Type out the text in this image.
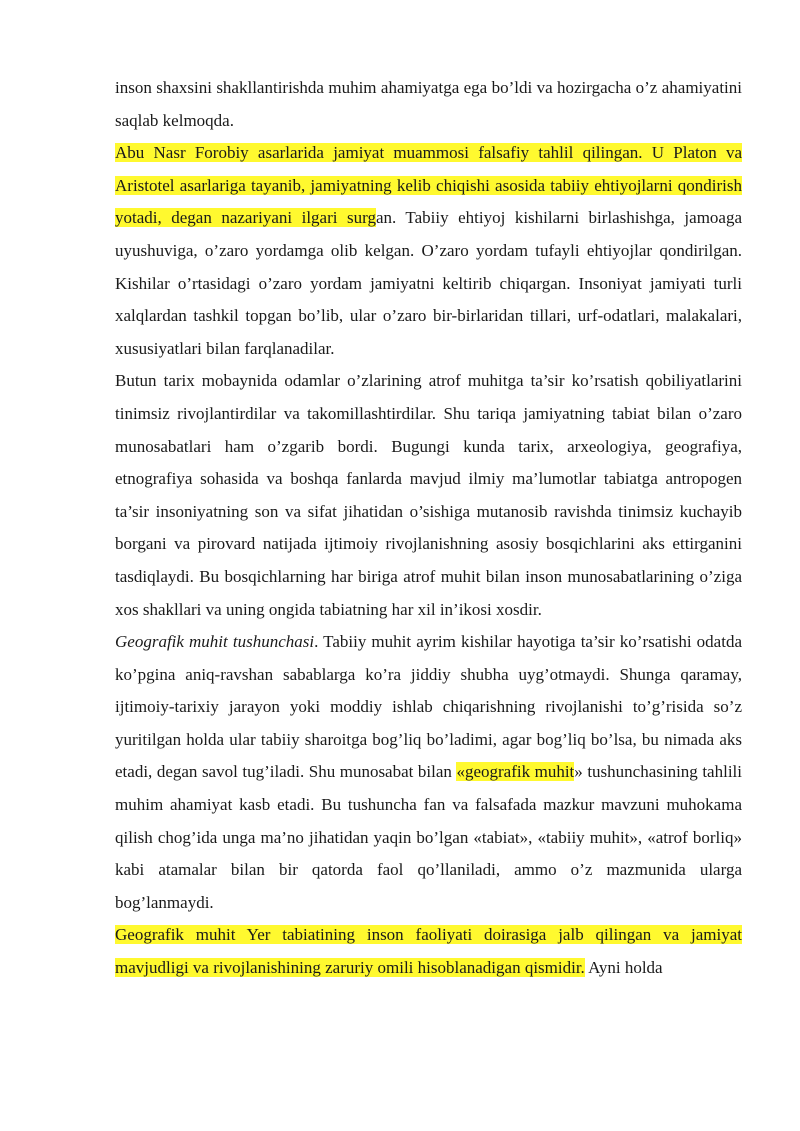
inson shaxsini shakllantirishda muhim ahamiyatga ega bo’ldi va hozirgacha o’z ahamiyatini saqlab kelmoqda.

Abu Nasr Forobiy asarlarida jamiyat muammosi falsafiy tahlil qilingan. U Platon va Aristotel asarlariga tayanib, jamiyatning kelib chiqishi asosida tabiiy ehtiyojlarni qondirish yotadi, degan nazariyani ilgari surgan. Tabiiy ehtiyoj kishilarni birlashishga, jamoaga uyushuviga, o’zaro yordamga olib kelgan. O’zaro yordam tufayli ehtiyojlar qondirilgan. Kishilar o’rtasidagi o’zaro yordam jamiyatni keltirib chiqargan. Insoniyat jamiyati turli xalqlardan tashkil topgan bo’lib, ular o’zaro bir-birlaridan tillari, urf-odatlari, malakalari, xususiyatlari bilan farqlanadilar.

Butun tarix mobaynida odamlar o’zlarining atrof muhitga ta’sir ko’rsatish qobiliyatlarini tinimsiz rivojlantirdilar va takomillashtirdilar. Shu tariqa jamiyatning tabiat bilan o’zaro munosabatlari ham o’zgarib bordi. Bugungi kunda tarix, arxeologiya, geografiya, etnografiya sohasida va boshqa fanlarda mavjud ilmiy ma’lumotlar tabiatga antropogen ta’sir insoniyatning son va sifat jihatidan o’sishiga mutanosib ravishda tinimsiz kuchayib borgani va pirovard natijada ijtimoiy rivojlanishning asosiy bosqichlarini aks ettirganini tasdiqlaydi. Bu bosqichlarning har biriga atrof muhit bilan inson munosabatlarining o’ziga xos shakllari va uning ongida tabiatning har xil in’ikosi xosdir.

Geografik muhit tushunchasi. Tabiiy muhit ayrim kishilar hayotiga ta’sir ko’rsatishi odatda ko’pgina aniq-ravshan sabablarga ko’ra jiddiy shubha uyg’otmaydi. Shunga qaramay, ijtimoiy-tarixiy jarayon yoki moddiy ishlab chiqarishning rivojlanishi to’g’risida so’z yuritilgan holda ular tabiiy sharoitga bog’liq bo’ladimi, agar bog’liq bo’lsa, bu nimada aks etadi, degan savol tug’iladi. Shu munosabat bilan «geografik muhit» tushunchasining tahlili muhim ahamiyat kasb etadi. Bu tushuncha fan va falsafada mazkur mavzuni muhokama qilish chog’ida unga ma’no jihatidan yaqin bo’lgan «tabiat», «tabiiy muhit», «atrof borliq» kabi atamalar bilan bir qatorda faol qo’llaniladi, ammo o’z mazmunida ularga bog’lanmaydi.

Geografik muhit Yer tabiatining inson faoliyati doirasiga jalb qilingan va jamiyat mavjudligi va rivojlanishining zaruriy omili hisoblanadigan qismidir. Ayni holda
